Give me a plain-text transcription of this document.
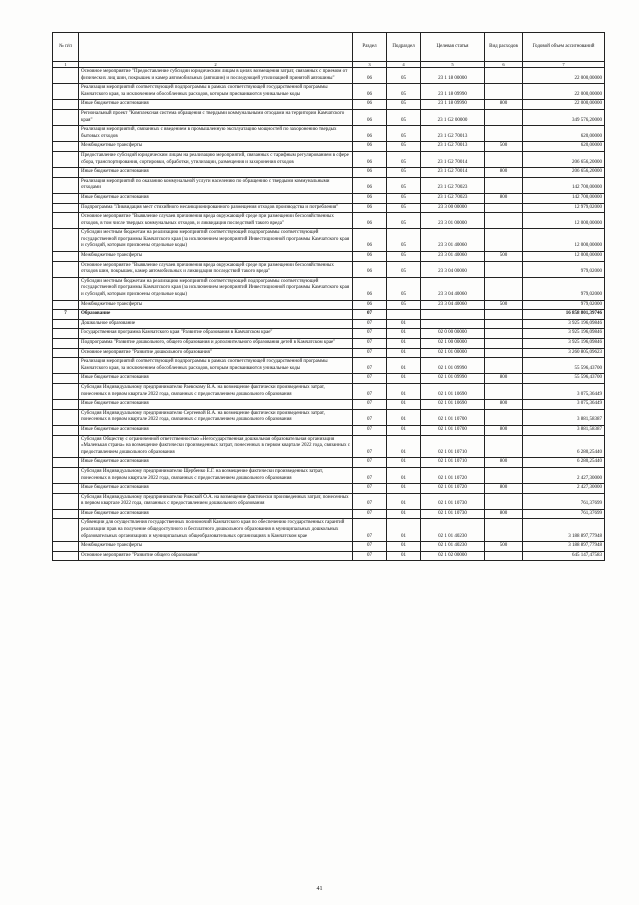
№ п/п		Раздел	Подраздел	Целевая статья	Вид расходов	Годовой объем ассигнований
1	2	3	4	5	6	7
	Основное мероприятие "Предоставление субсидии юридическим лицам в целях возмещения затрат, связанных с приемом от физических лиц шин, покрышек и камер автомобильных (автошин) и последующей утилизацией принятой автошины"	06	05	23 1 18 00000		22 000,00000
	Реализация мероприятий соответствующей подпрограммы в рамках соответствующей государственной программы Камчатского края, за исключением обособленных расходов, которым присваиваются уникальные коды	06	05	23 1 18 09990		22 000,00000
	Иные бюджетные ассигнования	06	05	23 1 18 09990	800	22 000,00000
	Региональный проект "Комплексная система обращения с твердыми коммунальными отходами на территории Камчатского края"	06	05	23 1 G2 00000		349 576,20000
	Реализация мероприятий, связанных с введением в промышленную эксплуатацию мощностей по захоронению твердых бытовых отходов	06	05	23 1 G2 70013		620,00000
	Межбюджетные трансферты	06	05	23 1 G2 70013	500	620,00000
	Предоставление субсидий юридическим лицам на реализацию мероприятий, связанных с тарифным регулированием в сфере сбора, транспортирования, сортировки, обработки, утилизации, размещения и захоронения отходов	06	05	23 1 G2 70014		206 656,20000
	Иные бюджетные ассигнования	06	05	23 1 G2 70014	800	206 656,20000
	Реализация мероприятий по оказанию коммунальной услуги населению по обращению с твердыми коммунальными отходами	06	05	23 1 G2 70023		142 700,00000
	Иные бюджетные ассигнования	06	05	23 1 G2 70023	800	142 700,00000
	Подпрограмма "Ликвидация мест стихийного несанкционированного размещения отходов производства и потребления"	06	05	23 3 00 00000		12 979,02000
	Основное мероприятие "Выявление случаев причинения вреда окружающей среде при размещении бесхозяйственных отходов, в том числе твердых коммунальных отходов, и ликвидация последствий такого вреда"	06	05	23 3 01 00000		12 000,00000
	Субсидии местным бюджетам на реализацию мероприятий соответствующей подпрограммы соответствующей государственной программы Камчатского края (за исключением мероприятий Инвестиционной программы Камчатского края и субсидий, которым присвоены отдельные коды)	06	05	23 3 01 40060		12 000,00000
	Межбюджетные трансферты	06	05	23 3 01 40060	500	12 000,00000
	Основное мероприятие "Выявление случаев причинения вреда окружающей среде при размещении бесхозяйственных отходов шин, покрышек, камер автомобильных и ликвидация последствий такого вреда"	06	05	23 3 04 00000		979,02000
	Субсидии местным бюджетам на реализацию мероприятий соответствующей подпрограммы соответствующей государственной программы Камчатского края (за исключением мероприятий Инвестиционной программы Камчатского края и субсидий, которым присвоены отдельные коды)	06	05	23 3 04 40060		979,02000
	Межбюджетные трансферты	06	05	23 3 04 40060	500	979,02000
7	Образование	07				16 858 801,39746
	Дошкольное образование	07	01			3 925 196,09846
	Государственная программа Камчатского края "Развитие образования в Камчатском крае"	07	01	02 0 00 00000		3 925 196,09846
	Подпрограмма "Развитие дошкольного, общего образования и дополнительного образования детей в Камчатском крае"	07	01	02 1 00 00000		3 925 196,09846
	Основное мероприятие "Развитие дошкольного образования"	07	01	02 1 01 00000		3 260 805,09623
	Реализация мероприятий соответствующей подпрограммы в рамках соответствующей государственной программы Камчатского края, за исключением обособленных расходов, которым присваиваются уникальные коды	07	01	02 1 01 09990		55 596,43700
	Иные бюджетные ассигнования	07	01	02 1 01 09990	800	55 596,43700
	Субсидия Индивидуальному предпринимателю Раевскому В.А. на возмещение фактически произведенных затрат, понесенных в первом квартале 2022 года, связанных с предоставлением дошкольного образования	07	01	02 1 01 10690		3 075,36449
	Иные бюджетные ассигнования	07	01	02 1 01 10690	800	3 075,36449
	Субсидия Индивидуальному предпринимателю Сергеевой В.А. на возмещение фактически произведенных затрат, понесенных в первом квартале 2022 года, связанных с предоставлением дошкольного образования	07	01	02 1 01 10700		3 881,58387
	Иные бюджетные ассигнования	07	01	02 1 01 10700	800	3 881,58387
	Субсидия Обществу с ограниченной ответственностью «Негосударственная дошкольная образовательная организация «Маленькая страна» на возмещение фактически произведенных затрат, понесенных в первом квартале 2022 года, связанных с предоставлением дошкольного образования	07	01	02 1 01 10710		6 280,25440
	Иные бюджетные ассигнования	07	01	02 1 01 10710	800	6 280,25440
	Субсидия Индивидуальному предпринимателю Щербенко Е.Г. на возмещение фактически произведенных затрат, понесенных в первом квартале 2022 года, связанных с предоставлением дошкольного образования	07	01	02 1 01 10720		2 427,30000
	Иные бюджетные ассигнования	07	01	02 1 01 10720	800	2 427,30000
	Субсидия Индивидуальному предпринимателю Рижской О.А. на возмещение фактически произведенных затрат, понесенных в первом квартале 2022 года, связанных с предоставлением дошкольного образования	07	01	02 1 01 10730		761,37699
	Иные бюджетные ассигнования	07	01	02 1 01 10730	800	761,37699
	Субвенции для осуществления государственных полномочий Камчатского края по обеспечению государственных гарантий реализации прав на получение общедоступного и бесплатного дошкольного образования в муниципальных дошкольных образовательных организациях и муниципальных общеобразовательных организациях в Камчатском крае	07	01	02 1 01 40230		3 188 897,77948
	Межбюджетные трансферты	07	01	02 1 01 40230	500	3 188 897,77948
	Основное мероприятие "Развитие общего образования"	07	01	02 1 02 00000		645 147,47583
41
